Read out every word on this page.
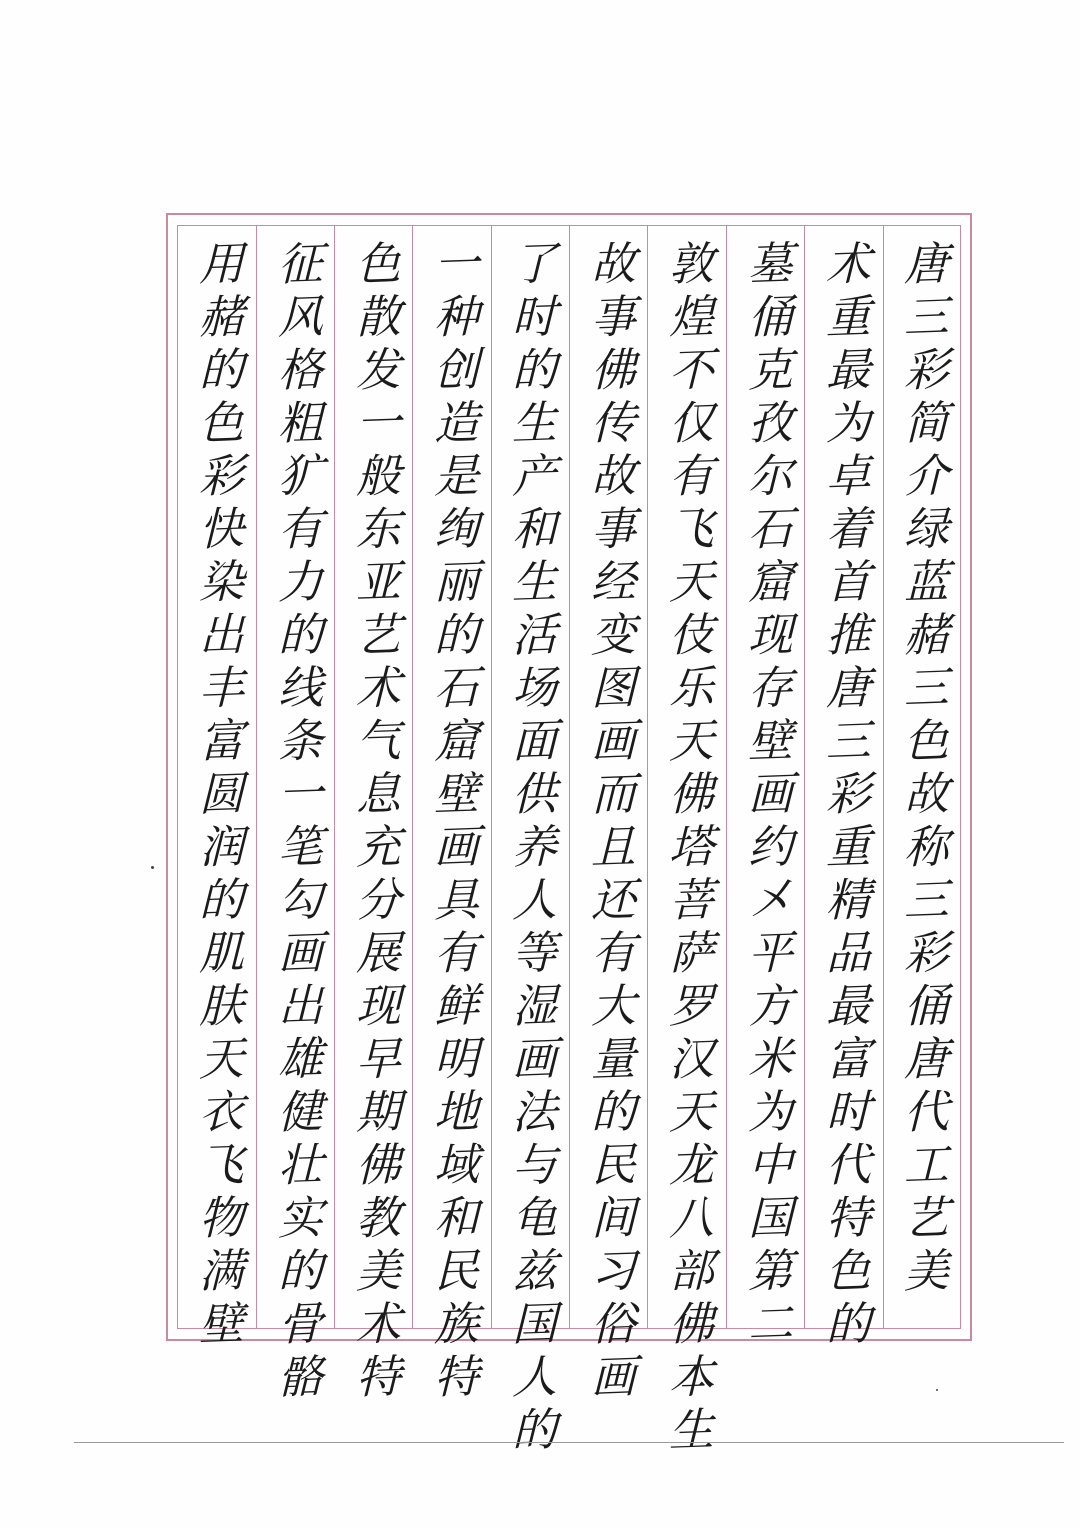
唐三彩简介绿蓝赭三色故称三彩俑唐代工艺美
术重最为卓着首推唐三彩重精品最富时代特色的
墓俑克孜尔石窟现存壁画约㐅平方米为中国第二
敦煌不仅有飞天伎乐天佛塔菩萨罗汉天龙八部佛本生
故事佛传故事经变图画而且还有大量的民间习俗画
了时的生产和生活场面供养人等湿画法与龟兹国人的
一种创造是绚丽的石窟壁画具有鲜明地域和民族特
色散发一般东亚艺术气息充分展现早期佛教美术特
征风格粗犷有力的线条一笔勾画出雄健壮实的骨骼
用赭的色彩快染出丰富圆润的肌肤天衣飞物满壁
